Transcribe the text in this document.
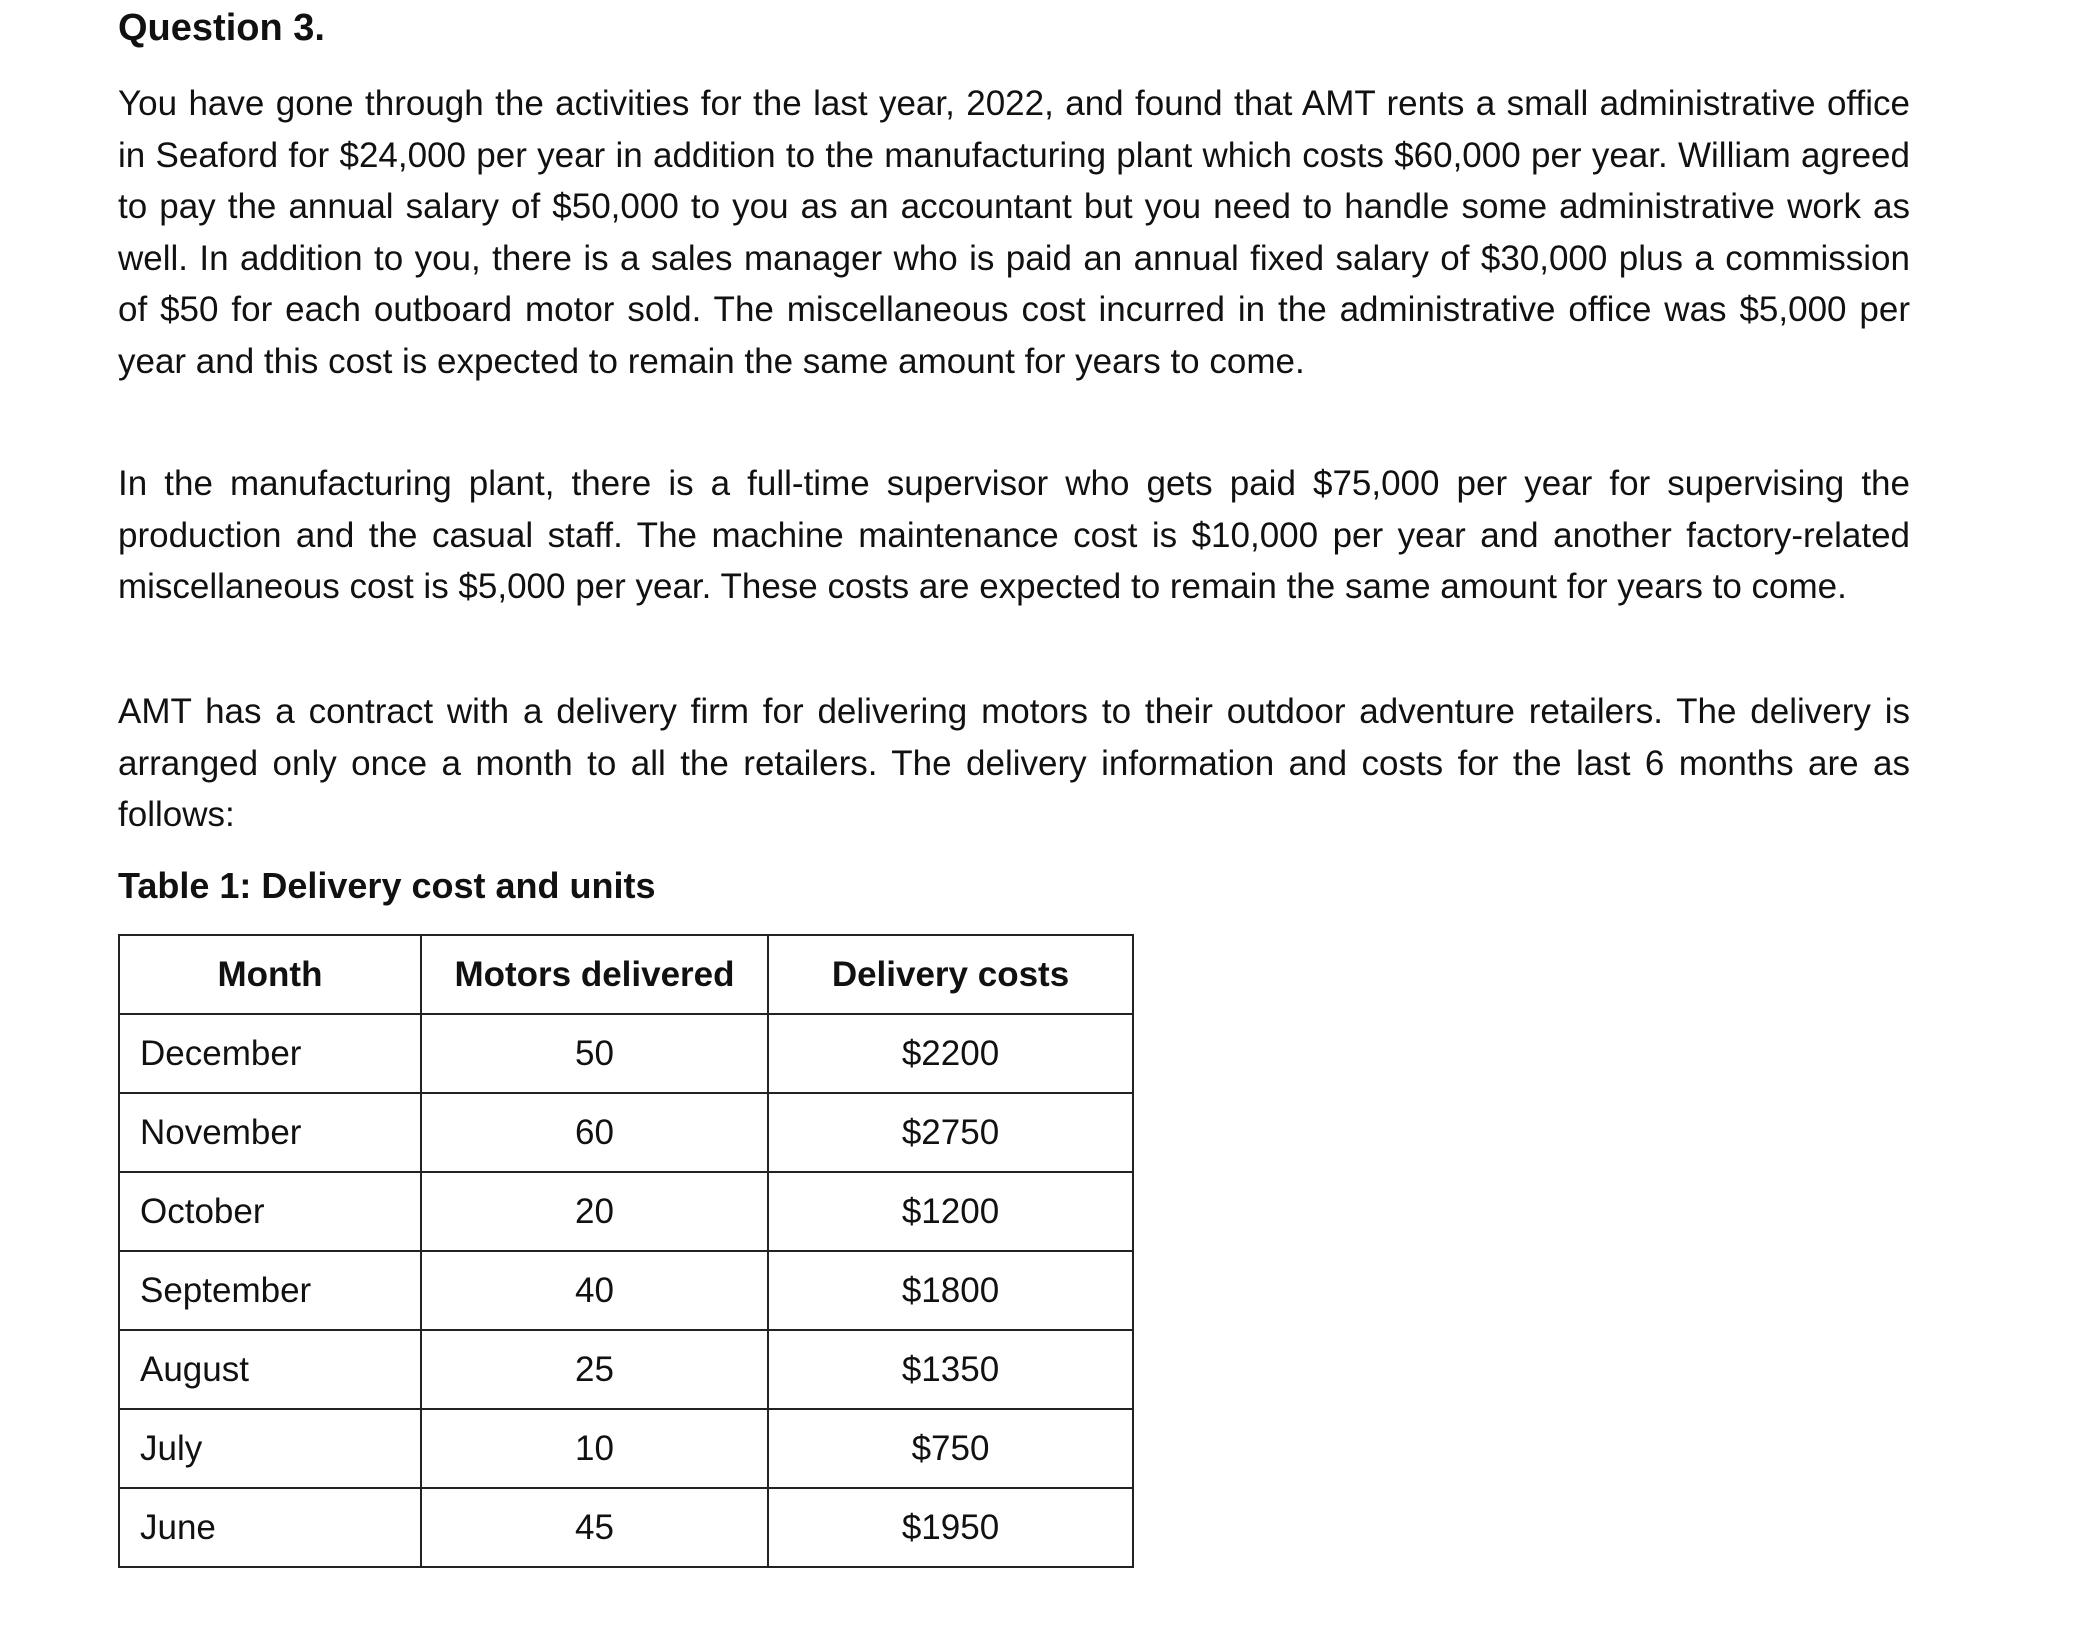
Question 3.

You have gone through the activities for the last year, 2022, and found that AMT rents a small administrative office in Seaford for $24,000 per year in addition to the manufacturing plant which costs $60,000 per year. William agreed to pay the annual salary of $50,000 to you as an accountant but you need to handle some administrative work as well. In addition to you, there is a sales manager who is paid an annual fixed salary of $30,000 plus a commission of $50 for each outboard motor sold. The miscellaneous cost incurred in the administrative office was $5,000 per year and this cost is expected to remain the same amount for years to come.

In the manufacturing plant, there is a full-time supervisor who gets paid $75,000 per year for supervising the production and the casual staff. The machine maintenance cost is $10,000 per year and another factory-related miscellaneous cost is $5,000 per year. These costs are expected to remain the same amount for years to come.

AMT has a contract with a delivery firm for delivering motors to their outdoor adventure retailers. The delivery is arranged only once a month to all the retailers. The delivery information and costs for the last 6 months are as follows:

Table 1: Delivery cost and units

Month	Motors delivered	Delivery costs
December	50	$2200
November	60	$2750
October	20	$1200
September	40	$1800
August	25	$1350
July	10	$750
June	45	$1950
